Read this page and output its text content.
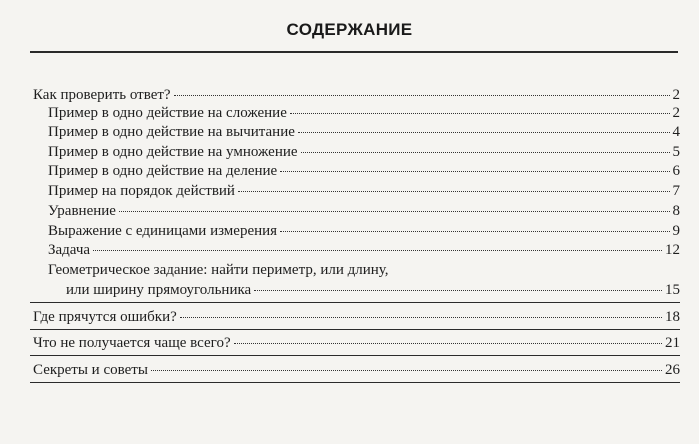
СОДЕРЖАНИЕ
Как проверить ответ?	2
Пример в одно действие на сложение	2
Пример в одно действие на вычитание	4
Пример в одно действие на умножение	5
Пример в одно действие на деление	6
Пример на порядок действий	7
Уравнение	8
Выражение с единицами измерения	9
Задача	12
Геометрическое задание: найти периметр, или длину,
или ширину прямоугольника	15
Где прячутся ошибки?	18
Что не получается чаще всего?	21
Секреты и советы	26
